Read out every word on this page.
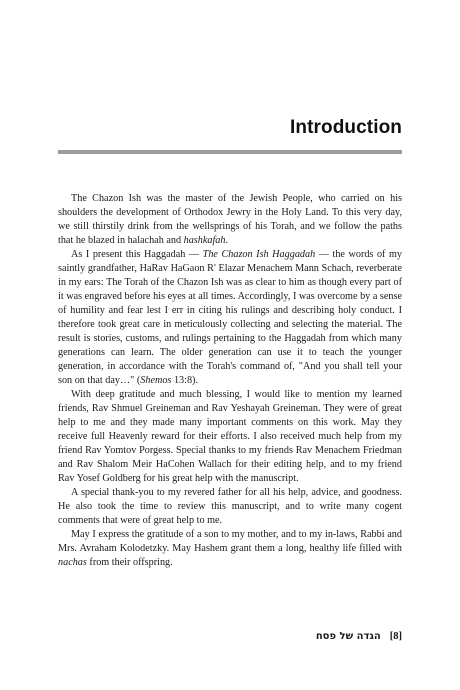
Introduction

The Chazon Ish was the master of the Jewish People, who carried on his shoulders the development of Orthodox Jewry in the Holy Land. To this very day, we still thirstily drink from the wellsprings of his Torah, and we follow the paths that he blazed in halachah and hashkafah.

As I present this Haggadah — The Chazon Ish Haggadah — the words of my saintly grandfather, HaRav HaGaon R' Elazar Menachem Mann Schach, reverberate in my ears: The Torah of the Chazon Ish was as clear to him as though every part of it was engraved before his eyes at all times. Accordingly, I was overcome by a sense of humility and fear lest I err in citing his rulings and describing holy conduct. I therefore took great care in meticulously collecting and selecting the material. The result is stories, customs, and rulings pertaining to the Haggadah from which many generations can learn. The older generation can use it to teach the younger generation, in accordance with the Torah's command of, "And you shall tell your son on that day…" (Shemos 13:8).

With deep gratitude and much blessing, I would like to mention my learned friends, Rav Shmuel Greineman and Rav Yeshayah Greineman. They were of great help to me and they made many important comments on this work. May they receive full Heavenly reward for their efforts. I also received much help from my friend Rav Yomtov Porgess. Special thanks to my friends Rav Menachem Friedman and Rav Shalom Meir HaCohen Wallach for their editing help, and to my friend Rav Yosef Goldberg for his great help with the manuscript.

A special thank-you to my revered father for all his help, advice, and goodness. He also took the time to review this manuscript, and to write many cogent comments that were of great help to me.

May I express the gratitude of a son to my mother, and to my in-laws, Rabbi and Mrs. Avraham Kolodetzky. May Hashem grant them a long, healthy life filled with nachas from their offspring.

הגדה של פסח [8]
